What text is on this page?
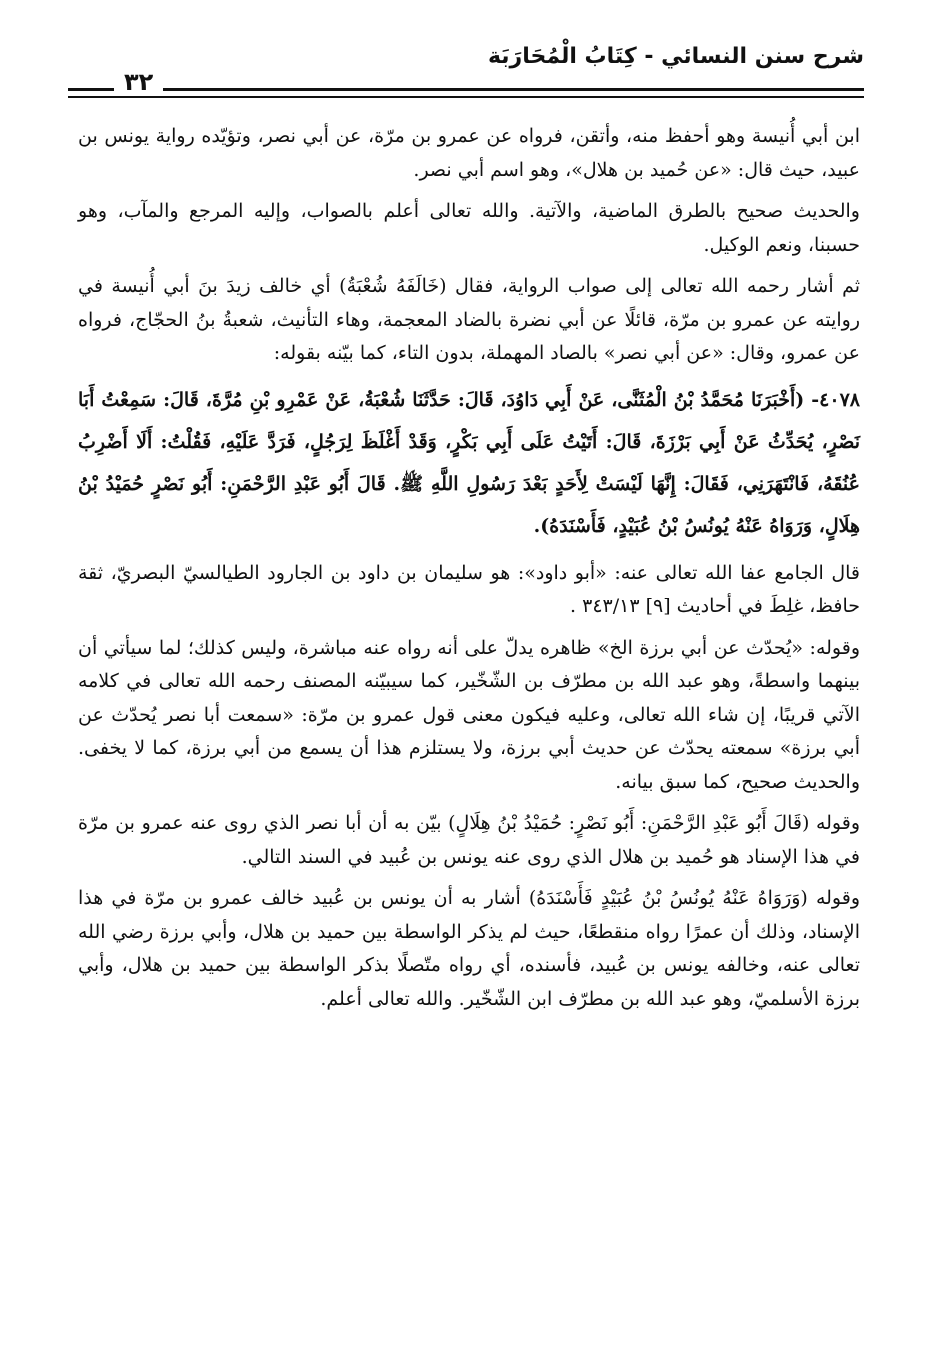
شرح سنن النسائي - كِتَابُ الْمُحَارَبَة
٣٢

ابن أبي أُنيسة وهو أحفظ منه، وأتقن، فرواه عن عمرو بن مرّة، عن أبي نصر، وتؤيّده رواية يونس بن عبيد، حيث قال: «عن حُميد بن هلال»، وهو اسم أبي نصر.

والحديث صحيح بالطرق الماضية، والآتية. والله تعالى أعلم بالصواب، وإليه المرجع والمآب، وهو حسبنا، ونعم الوكيل.

ثم أشار رحمه الله تعالى إلى صواب الرواية، فقال (خَالَفَهُ شُعْبَةُ) أي خالف زيدَ بنَ أبي أُنيسة في روايته عن عمرو بن مرّة، قائلًا عن أبي نضرة بالضاد المعجمة، وهاء التأنيث، شعبةُ بنُ الحجّاج، فرواه عن عمرو، وقال: «عن أبي نصر» بالصاد المهملة، بدون التاء، كما بيّنه بقوله:

٤٠٧٨- (أَخْبَرَنَا مُحَمَّدُ بْنُ الْمُثَنَّى، عَنْ أَبِي دَاوُدَ، قَالَ: حَدَّثَنَا شُعْبَةُ، عَنْ عَمْرِو بْنِ مُرَّةَ، قَالَ: سَمِعْتُ أَبَا نَصْرٍ، يُحَدِّثُ عَنْ أَبِي بَرْزَةَ، قَالَ: أَتَيْتُ عَلَى أَبِي بَكْرٍ، وَقَدْ أَغْلَظَ لِرَجُلٍ، فَرَدَّ عَلَيْهِ، فَقُلْتُ: أَلَا أَضْرِبُ عُنُقَهُ، فَانْتَهَرَنِي، فَقَالَ: إِنَّهَا لَيْسَتْ لِأَحَدٍ بَعْدَ رَسُولِ اللَّهِ ﷺ. قَالَ أَبُو عَبْدِ الرَّحْمَنِ: أَبُو نَصْرٍ حُمَيْدُ بْنُ هِلَالٍ، وَرَوَاهُ عَنْهُ يُونُسُ بْنُ عُبَيْدٍ، فَأَسْنَدَهُ).

قال الجامع عفا الله تعالى عنه: «أبو داود»: هو سليمان بن داود بن الجارود الطيالسيّ البصريّ، ثقة حافظ، غلِطَ في أحاديث [٩] ٣٤٣/١٣ .

وقوله: «يُحدّث عن أبي برزة الخ» ظاهره يدلّ على أنه رواه عنه مباشرة، وليس كذلك؛ لما سيأتي أن بينهما واسطةً، وهو عبد الله بن مطرّف بن الشّخّير، كما سيبيّنه المصنف رحمه الله تعالى في كلامه الآتي قريبًا، إن شاء الله تعالى، وعليه فيكون معنى قول عمرو بن مرّة: «سمعت أبا نصر يُحدّث عن أبي برزة» سمعته يحدّث عن حديث أبي برزة، ولا يستلزم هذا أن يسمع من أبي برزة، كما لا يخفى. والحديث صحيح، كما سبق بيانه.

وقوله (قَالَ أَبُو عَبْدِ الرَّحْمَنِ: أَبُو نَصْرٍ: حُمَيْدُ بْنُ هِلَالٍ) بيّن به أن أبا نصر الذي روى عنه عمرو بن مرّة في هذا الإسناد هو حُميد بن هلال الذي روى عنه يونس بن عُبيد في السند التالي.

وقوله (وَرَوَاهُ عَنْهُ يُونُسُ بْنُ عُبَيْدٍ فَأَسْنَدَهُ) أشار به أن يونس بن عُبيد خالف عمرو بن مرّة في هذا الإسناد، وذلك أن عمرًا رواه منقطعًا، حيث لم يذكر الواسطة بين حميد بن هلال، وأبي برزة رضي الله تعالى عنه، وخالفه يونس بن عُبيد، فأسنده، أي رواه متّصلًا بذكر الواسطة بين حميد بن هلال، وأبي برزة الأسلميّ، وهو عبد الله بن مطرّف ابن الشّخّير. والله تعالى أعلم.
